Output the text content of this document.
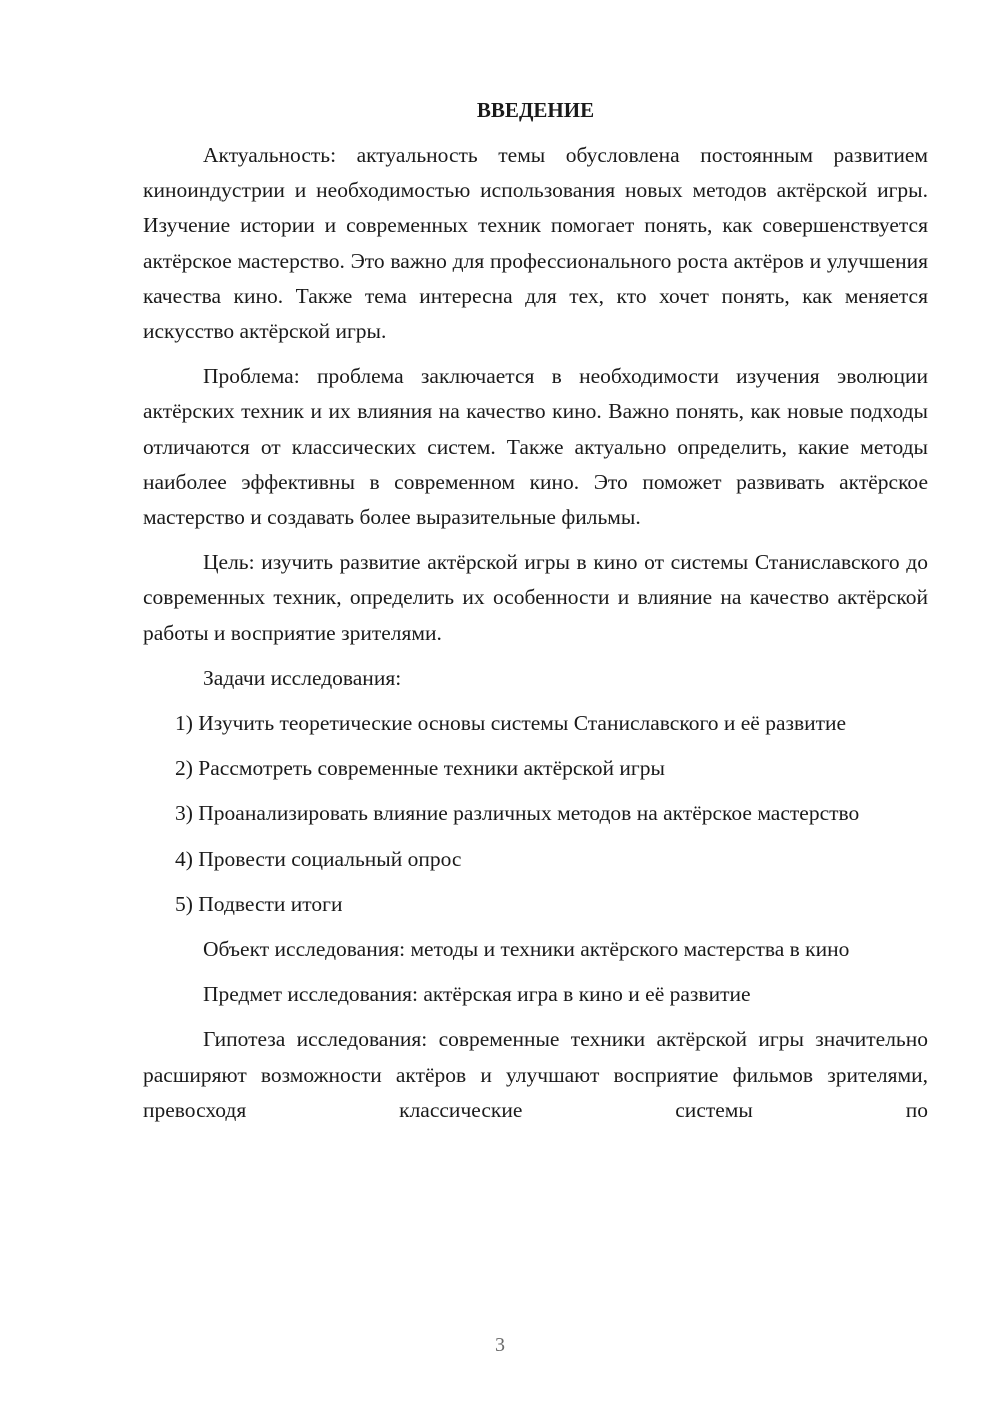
ВВЕДЕНИЕ

Актуальность: актуальность темы обусловлена постоянным развитием киноиндустрии и необходимостью использования новых методов актёрской игры. Изучение истории и современных техник помогает понять, как совершенствуется актёрское мастерство. Это важно для профессионального роста актёров и улучшения качества кино. Также тема интересна для тех, кто хочет понять, как меняется искусство актёрской игры.

Проблема: проблема заключается в необходимости изучения эволюции актёрских техник и их влияния на качество кино. Важно понять, как новые подходы отличаются от классических систем. Также актуально определить, какие методы наиболее эффективны в современном кино. Это поможет развивать актёрское мастерство и создавать более выразительные фильмы.

Цель: изучить развитие актёрской игры в кино от системы Станиславского до современных техник, определить их особенности и влияние на качество актёрской работы и восприятие зрителями.

Задачи исследования:

1) Изучить теоретические основы системы Станиславского и её развитие

2) Рассмотреть современные техники актёрской игры

3) Проанализировать влияние различных методов на актёрское мастерство

4) Провести социальный опрос

5) Подвести итоги

Объект исследования: методы и техники актёрского мастерства в кино

Предмет исследования: актёрская игра в кино и её развитие

Гипотеза исследования: современные техники актёрской игры значительно расширяют возможности актёров и улучшают восприятие фильмов зрителями, превосходя классические системы по

3
